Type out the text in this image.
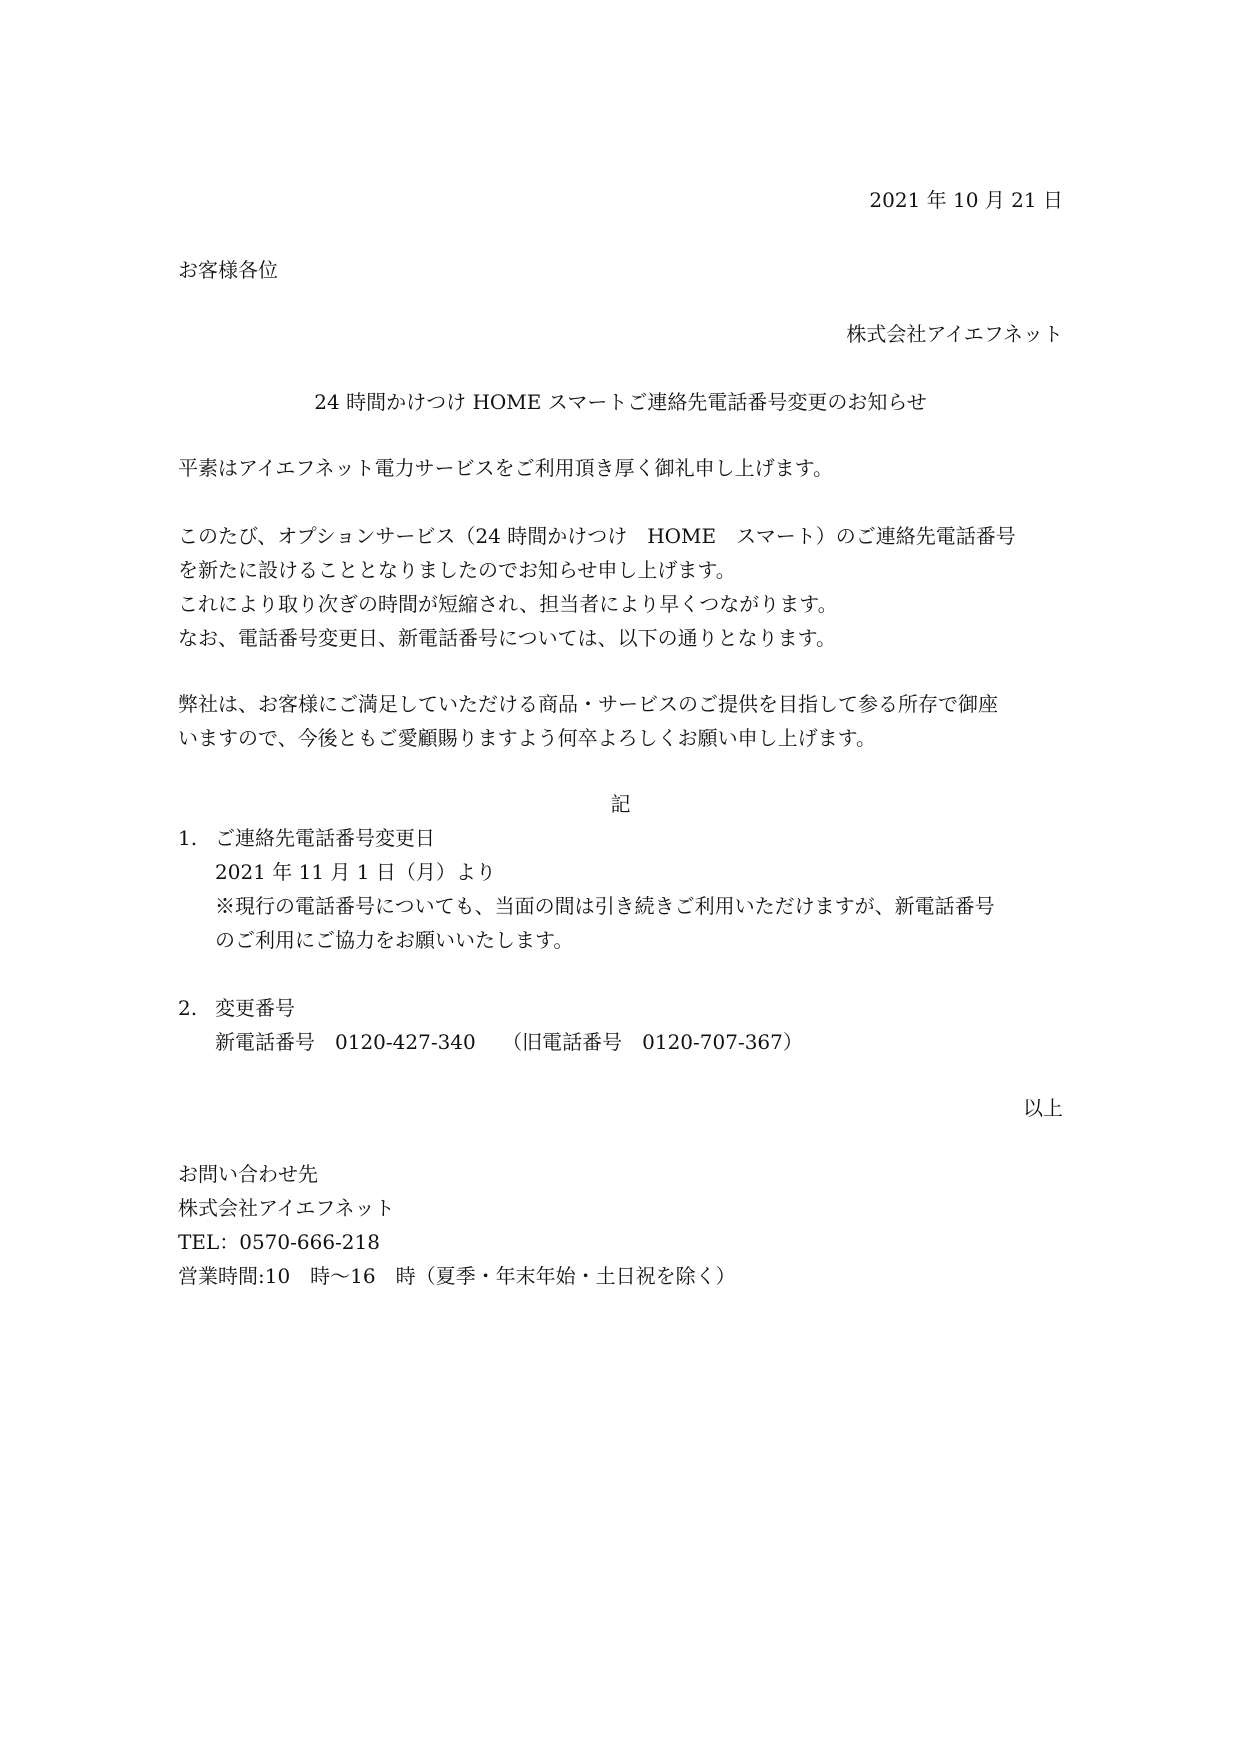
2021 年 10 月 21 日
お客様各位
株式会社アイエフネット
24 時間かけつけ HOME スマートご連絡先電話番号変更のお知らせ
平素はアイエフネット電力サービスをご利用頂き厚く御礼申し上げます。
このたび、オプションサービス（24 時間かけつけ　HOME　スマート）のご連絡先電話番号
を新たに設けることとなりましたのでお知らせ申し上げます。
これにより取り次ぎの時間が短縮され、担当者により早くつながります。
なお、電話番号変更日、新電話番号については、以下の通りとなります。
弊社は、お客様にご満足していただける商品・サービスのご提供を目指して参る所存で御座
いますので、今後ともご愛顧賜りますよう何卒よろしくお願い申し上げます。
記
1. ご連絡先電話番号変更日
2021 年 11 月 1 日（月）より
※現行の電話番号についても、当面の間は引き続きご利用いただけますが、新電話番号
のご利用にご協力をお願いいたします。
2. 変更番号
新電話番号　0120-427-340　 （旧電話番号　0120-707-367）
以上
お問い合わせ先
株式会社アイエフネット
TEL：0570-666-218
営業時間:10　時〜16　時（夏季・年末年始・土日祝を除く）
